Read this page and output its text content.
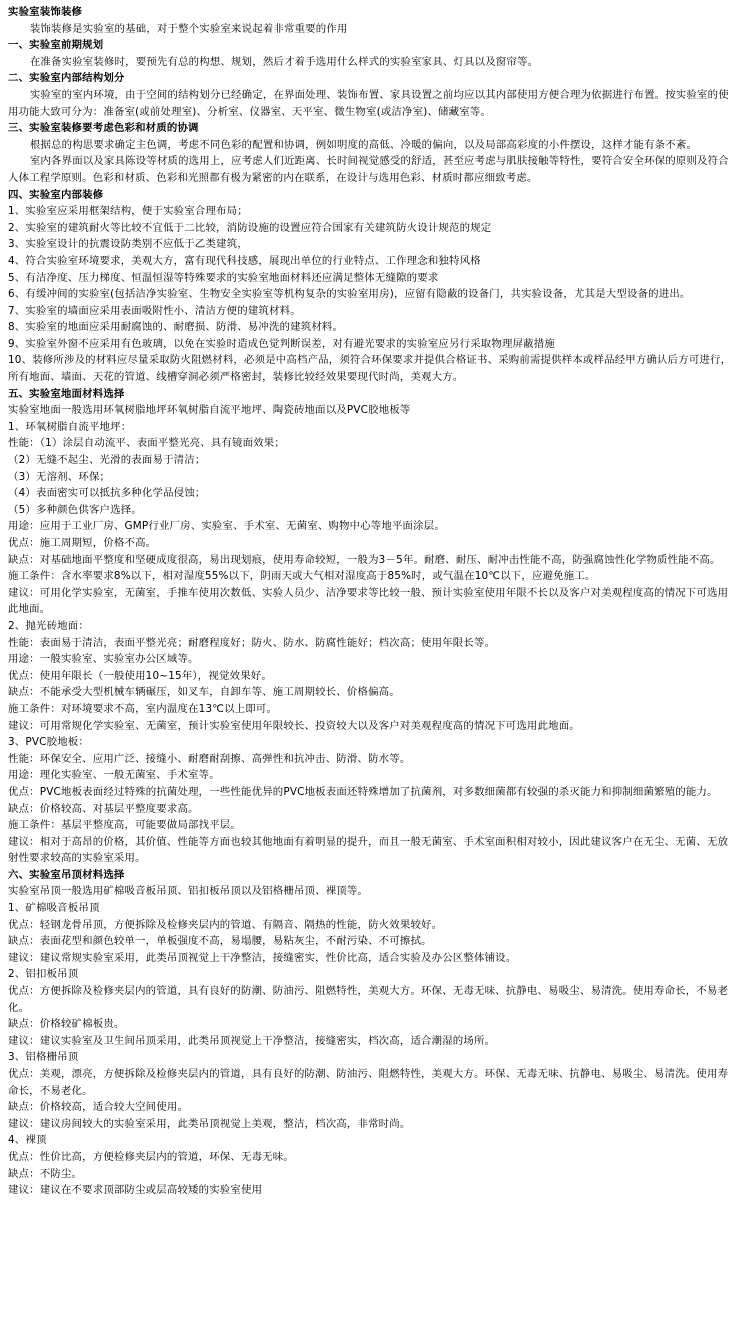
实验室装饰装修

装饰装修是实验室的基础，对于整个实验室来说起着非常重要的作用

一、实验室前期规划

在准备实验室装修时，要预先有总的构想、规划，然后才着手选用什么样式的实验室家具、灯具以及窗帘等。

二、实验室内部结构划分

实验室的室内环境，由于空间的结构划分已经确定，在界面处理、装饰布置、家具设置之前均应以其内部使用方便合理为依据进行布置。按实验室的使用功能大致可分为：准备室(或前处理室)、分析室、仪器室、天平室、微生物室(或洁净室)、储藏室等。

三、实验室装修要考虑色彩和材质的协调

根据总的构思要求确定主色调，考虑不同色彩的配置和协调，例如明度的高低、冷暖的偏向，以及局部高彩度的小件摆设，这样才能有条不紊。

室内各界面以及家具陈设等材质的选用上，应考虑人们近距离、长时间视觉感受的舒适，甚至应考虑与肌肤接触等特性，要符合安全环保的原则及符合人体工程学原则。色彩和材质、色彩和光照都有极为紧密的内在联系，在设计与选用色彩、材质时都应细致考虑。

四、实验室内部装修

1、实验室应采用框架结构，便于实验室合理布局；

2、实验室的建筑耐火等比较不宜低于二比较，消防设施的设置应符合国家有关建筑防火设计规范的规定

3、实验室设计的抗震设防类别不应低于乙类建筑，

4、符合实验室环境要求，美观大方，富有现代科技感，展现出单位的行业特点、工作理念和独特风格

5、有洁净度、压力梯度、恒温恒湿等特殊要求的实验室地面材料还应满足整体无缝隙的要求

6、有缓冲间的实验室(包括洁净实验室、生物安全实验室等机构复杂的实验室用房)，应留有隐蔽的设备门，共实验设备，尤其是大型设备的进出。

7、实验室的墙面应采用表面吸附性小、清洁方便的建筑材料。

8、实验室的地面应采用耐腐蚀的、耐磨损、防滑、易冲洗的建筑材料。

9、实验室外窗不应采用有色玻璃，以免在实验时造成色觉判断误差，对有避光要求的实验室应另行采取物理屏蔽措施

10、装修所涉及的材料应尽量采取防火阻燃材料，必须是中高档产品，须符合环保要求并提供合格证书、采购前需提供样本或样品经甲方确认后方可进行，所有地面、墙面、天花的管道、线槽穿洞必须严格密封，装修比较经效果要现代时尚，美观大方。

五、实验室地面材料选择

实验室地面一般选用环氧树脂地坪环氧树脂自流平地坪、陶瓷砖地面以及PVC胶地板等

1、环氧树脂自流平地坪：

性能：（1）涂层自动流平、表面平整光亮、具有镜面效果；

（2）无缝不起尘、光滑的表面易于清洁；

（3）无溶剂、环保；

（4）表面密实可以抵抗多种化学品侵蚀；

（5）多种颜色供客户选择。

用途：应用于工业厂房、GMP行业厂房、实验室、手术室、无菌室、购物中心等地平面涂层。

优点：施工周期短，价格不高。

缺点：对基础地面平整度和坚硬成度很高，易出现划痕，使用寿命较短，一般为3－5年。耐磨、耐压、耐冲击性能不高，防强腐蚀性化学物质性能不高。

施工条件：含水率要求8%以下，相对湿度55%以下，阴雨天或大气相对湿度高于85%时，或气温在10℃以下，应避免施工。

建议：可用化学实验室，无菌室，手推车使用次数低、实验人员少、洁净要求等比较一般、预计实验室使用年限不长以及客户对美观程度高的情况下可选用此地面。

2、抛光砖地面：

性能：表面易于清洁，表面平整光亮；耐磨程度好；防火、防水、防腐性能好；档次高；使用年限长等。

用途：一般实验室、实验室办公区域等。

优点：使用年限长（一般使用10~15年），视觉效果好。

缺点：不能承受大型机械车辆碾压，如叉车，自卸车等、施工周期较长、价格偏高。

施工条件：对环境要求不高，室内温度在13℃以上即可。

建议：可用常规化学实验室、无菌室，预计实验室使用年限较长、投资较大以及客户对美观程度高的情况下可选用此地面。

3、PVC胶地板：

性能：环保安全、应用广泛、接缝小、耐磨耐刮擦、高弹性和抗冲击、防滑、防水等。

用途：理化实验室、一般无菌室、手术室等。

优点：PVC地板表面经过特殊的抗菌处理，一些性能优异的PVC地板表面还特殊增加了抗菌剂，对多数细菌都有较强的杀灭能力和抑制细菌繁殖的能力。

缺点：价格较高、对基层平整度要求高。

施工条件：基层平整度高，可能要做局部找平层。

建议：相对于高昂的价格，其价值、性能等方面也较其他地面有着明显的提升，而且一般无菌室、手术室面积相对较小，因此建议客户在无尘、无菌、无放射性要求较高的实验室采用。

六、实验室吊顶材料选择

实验室吊顶一般选用矿棉吸音板吊顶、铝扣板吊顶以及铝格栅吊顶、裸顶等。

1、矿棉吸音板吊顶

优点：轻钢龙骨吊顶，方便拆除及检修夹层内的管道、有隔音、隔热的性能，防火效果较好。

缺点：表面花型和颜色较单一，单板强度不高，易塌腰，易粘灰尘，不耐污染、不可擦拭。

建议：建议常规实验室采用，此类吊顶视觉上干净整洁，接缝密实，性价比高，适合实验及办公区整体铺设。

2、铝扣板吊顶

优点：方便拆除及检修夹层内的管道，具有良好的防潮、防油污、阻燃特性，美观大方。环保、无毒无味、抗静电、易吸尘、易清洗。使用寿命长，不易老化。

缺点：价格较矿棉板贵。

建议：建议实验室及卫生间吊顶采用，此类吊顶视觉上干净整洁，接缝密实，档次高，适合潮湿的场所。

3、铝格栅吊顶

优点：美观，漂亮，方便拆除及检修夹层内的管道，具有良好的防潮、防油污、阻燃特性，美观大方。环保、无毒无味、抗静电、易吸尘、易清洗。使用寿命长，不易老化。

缺点：价格较高，适合较大空间使用。

建议：建议房间较大的实验室采用，此类吊顶视觉上美观，整洁，档次高，非常时尚。

4、裸顶

优点：性价比高，方便检修夹层内的管道，环保、无毒无味。

缺点：不防尘。

建议：建议在不要求顶部防尘或层高较矮的实验室使用
